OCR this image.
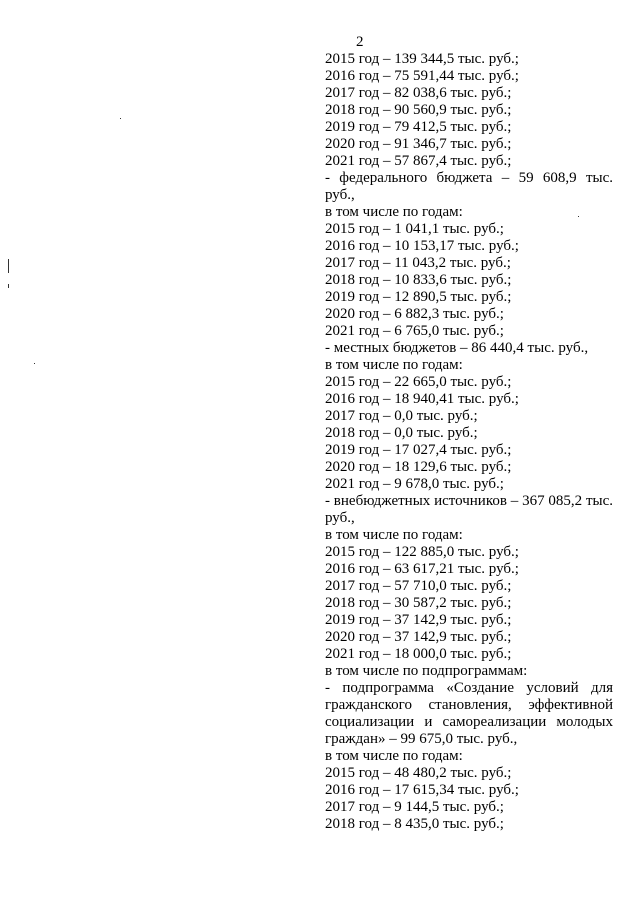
2

2015 год – 139 344,5 тыс. руб.;

2016 год – 75 591,44 тыс. руб.;

2017 год – 82 038,6 тыс. руб.;

2018 год – 90 560,9 тыс. руб.;

2019 год – 79 412,5 тыс. руб.;

2020 год – 91 346,7 тыс. руб.;

2021 год – 57 867,4 тыс. руб.;

- федерального бюджета – 59 608,9 тыс. руб.,

в том числе по годам:

2015 год – 1 041,1 тыс. руб.;

2016 год – 10 153,17 тыс. руб.;

2017 год – 11 043,2 тыс. руб.;

2018 год – 10 833,6 тыс. руб.;

2019 год – 12 890,5 тыс. руб.;

2020 год – 6 882,3 тыс. руб.;

2021 год – 6 765,0 тыс. руб.;

- местных бюджетов – 86 440,4 тыс. руб.,

в том числе по годам:

2015 год – 22 665,0 тыс. руб.;

2016 год – 18 940,41 тыс. руб.;

2017 год – 0,0 тыс. руб.;

2018 год – 0,0 тыс. руб.;

2019 год – 17 027,4 тыс. руб.;

2020 год – 18 129,6 тыс. руб.;

2021 год – 9 678,0 тыс. руб.;

- внебюджетных источников – 367 085,2 тыс. руб.,

в том числе по годам:

2015 год – 122 885,0 тыс. руб.;

2016 год – 63 617,21 тыс. руб.;

2017 год – 57 710,0 тыс. руб.;

2018 год – 30 587,2 тыс. руб.;

2019 год – 37 142,9 тыс. руб.;

2020 год – 37 142,9 тыс. руб.;

2021 год – 18 000,0 тыс. руб.;

в том числе по подпрограммам:

- подпрограмма «Создание условий для гражданского становления, эффективной социализации и самореализации молодых граждан» – 99 675,0 тыс. руб.,

в том числе по годам:

2015 год – 48 480,2 тыс. руб.;

2016 год – 17 615,34 тыс. руб.;

2017 год – 9 144,5 тыс. руб.;

2018 год – 8 435,0 тыс. руб.;
